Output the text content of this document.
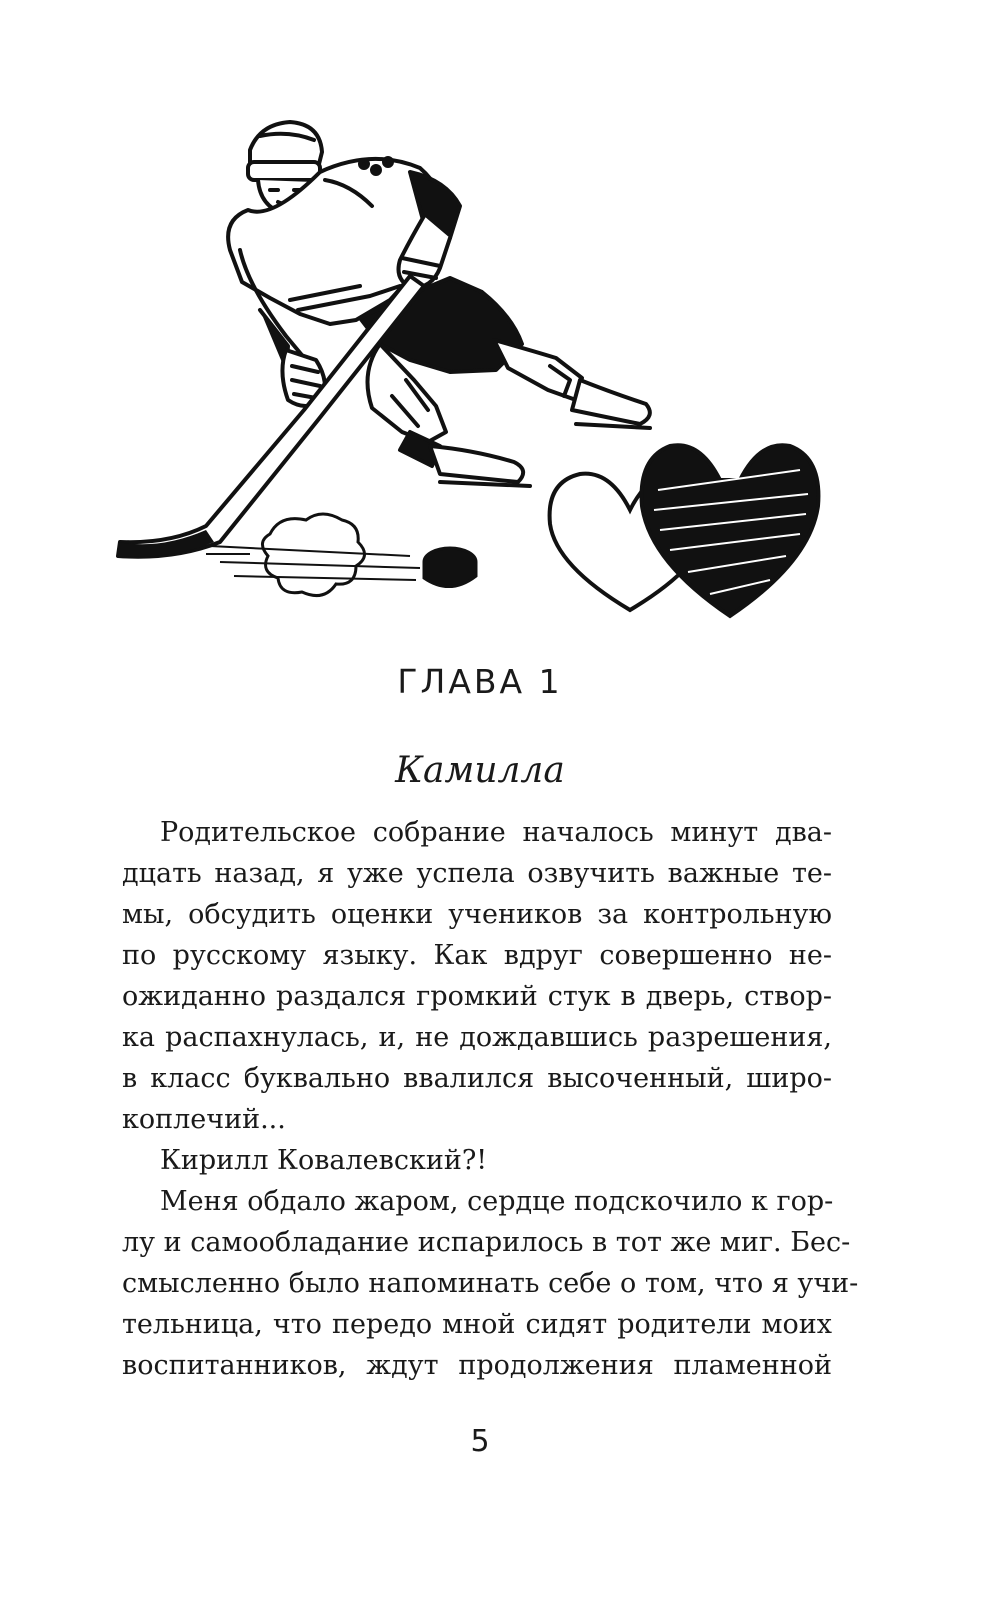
ГЛАВА 1
Камилла
Родительское собрание началось минут два-
дцать назад, я уже успела озвучить важные те-
мы, обсудить оценки учеников за контрольную
по русскому языку. Как вдруг совершенно не-
ожиданно раздался громкий стук в дверь, створ-
ка распахнулась, и, не дождавшись разрешения,
в класс буквально ввалился высоченный, широ-
коплечий...
Кирилл Ковалевский?!
Меня обдало жаром, сердце подскочило к гор-
лу и самообладание испарилось в тот же миг. Бес-
смысленно было напоминать себе о том, что я учи-
тельница, что передо мной сидят родители моих
воспитанников, ждут продолжения пламенной
5
